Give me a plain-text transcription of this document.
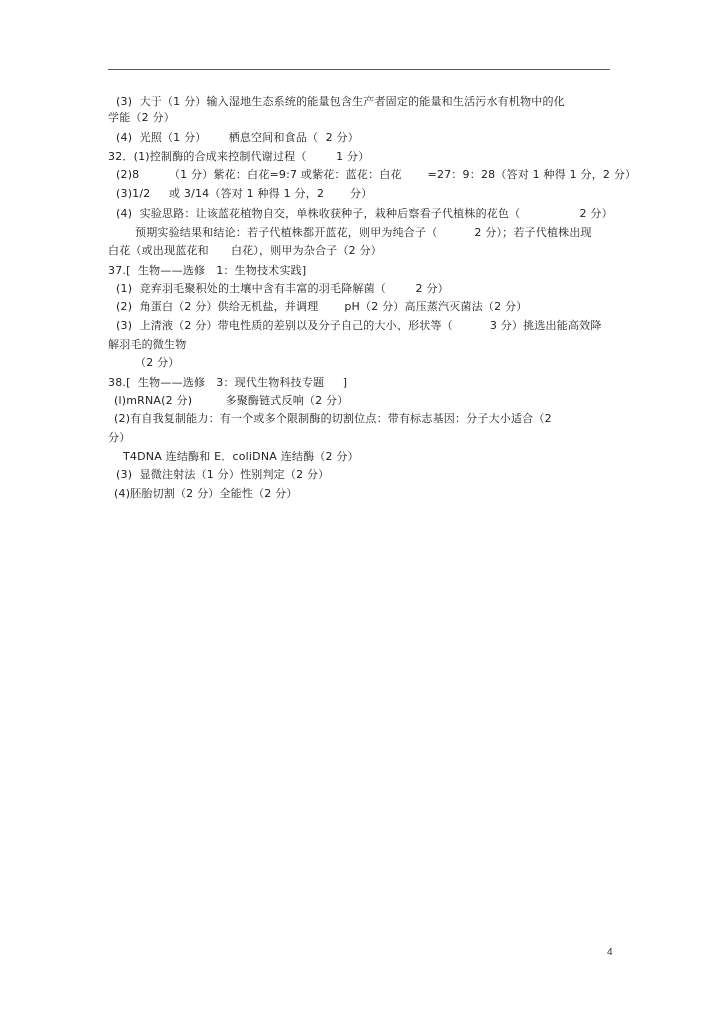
(3)  大于（1 分）输入湿地生态系统的能量包含生产者固定的能量和生活污水有机物中的化
学能（2 分）
(4)  光照（1 分）      栖息空间和食品（  2 分）
32．(1)控制酶的合成来控制代谢过程（        1 分）
(2)8        （1 分）紫花：白花=9:7 或紫花：蓝花：白花       =27：9：28（答对 1 种得 1 分，2 分）
(3)1/2     或 3/14（答对 1 种得 1 分，2       分）
(4)  实验思路：让该蓝花植物自交，单株收获种子，栽种后察看子代植株的花色（                2 分）
预期实验结果和结论：若子代植株都开蓝花，则甲为纯合子（          2 分）；若子代植株出现
白花（或出现蓝花和      白花），则甲为杂合子（2 分）
37.[  生物——选修   1：生物技术实践]
(1)  竞弃羽毛聚积处的土壤中含有丰富的羽毛降解菌（        2 分）
(2)  角蛋白（2 分）供给无机盐，并调理       pH（2 分）高压蒸汽灭菌法（2 分）
(3)  上清液（2 分）带电性质的差别以及分子自己的大小、形状等（          3 分）挑选出能高效降
解羽毛的微生物
（2 分）
38.[  生物——选修   3：现代生物科技专题     ]
(l)mRNA(2 分)         多聚酶链式反响（2 分）
(2)有自我复制能力：有一个或多个限制酶的切割位点：带有标志基因：分子大小适合（2
分）
T4DNA 连结酶和 E．coliDNA 连结酶（2 分）
(3)  显微注射法（1 分）性别判定（2 分）
(4)胚胎切割（2 分）全能性（2 分）
4
